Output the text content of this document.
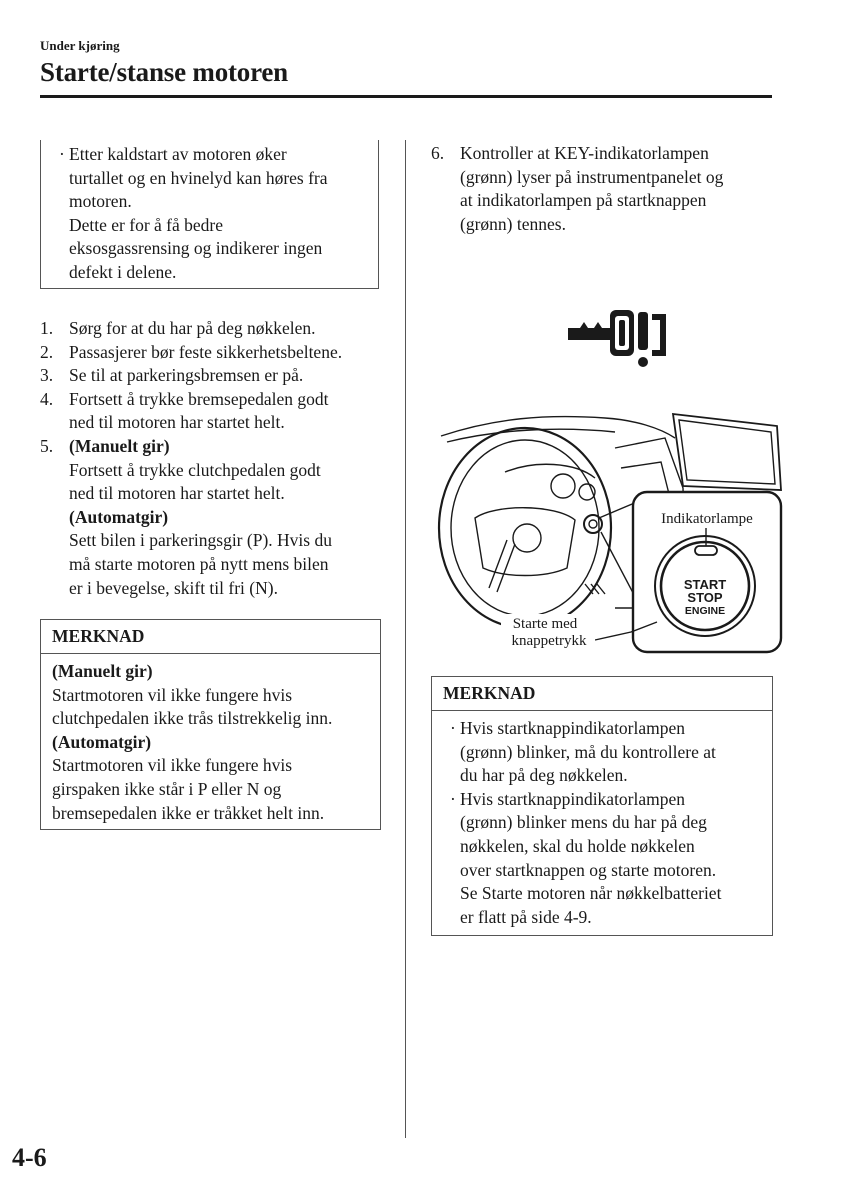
Under kjøring
Starte/stanse motoren
· Etter kaldstart av motoren øker
turtallet og en hvinelyd kan høres fra
motoren.
Dette er for å få bedre
eksosgassrensing og indikerer ingen
defekt i delene.
1. Sørg for at du har på deg nøkkelen.
2. Passasjerer bør feste sikkerhetsbeltene.
3. Se til at parkeringsbremsen er på.
4. Fortsett å trykke bremsepedalen godt
ned til motoren har startet helt.
5. (Manuelt gir)
Fortsett å trykke clutchpedalen godt
ned til motoren har startet helt.
(Automatgir)
Sett bilen i parkeringsgir (P). Hvis du
må starte motoren på nytt mens bilen
er i bevegelse, skift til fri (N).
MERKNAD
(Manuelt gir)
Startmotoren vil ikke fungere hvis
clutchpedalen ikke trås tilstrekkelig inn.
(Automatgir)
Startmotoren vil ikke fungere hvis
girspaken ikke står i P eller N og
bremsepedalen ikke er tråkket helt inn.
6. Kontroller at KEY-indikatorlampen
(grønn) lyser på instrumentpanelet og
at indikatorlampen på startknappen
(grønn) tennes.
Indikatorlampe
START
STOP
ENGINE
Starte med
knappetrykk
MERKNAD
· Hvis startknappindikatorlampen
(grønn) blinker, må du kontrollere at
du har på deg nøkkelen.
· Hvis startknappindikatorlampen
(grønn) blinker mens du har på deg
nøkkelen, skal du holde nøkkelen
over startknappen og starte motoren.
Se Starte motoren når nøkkelbatteriet
er flatt på side 4-9.
4-6
